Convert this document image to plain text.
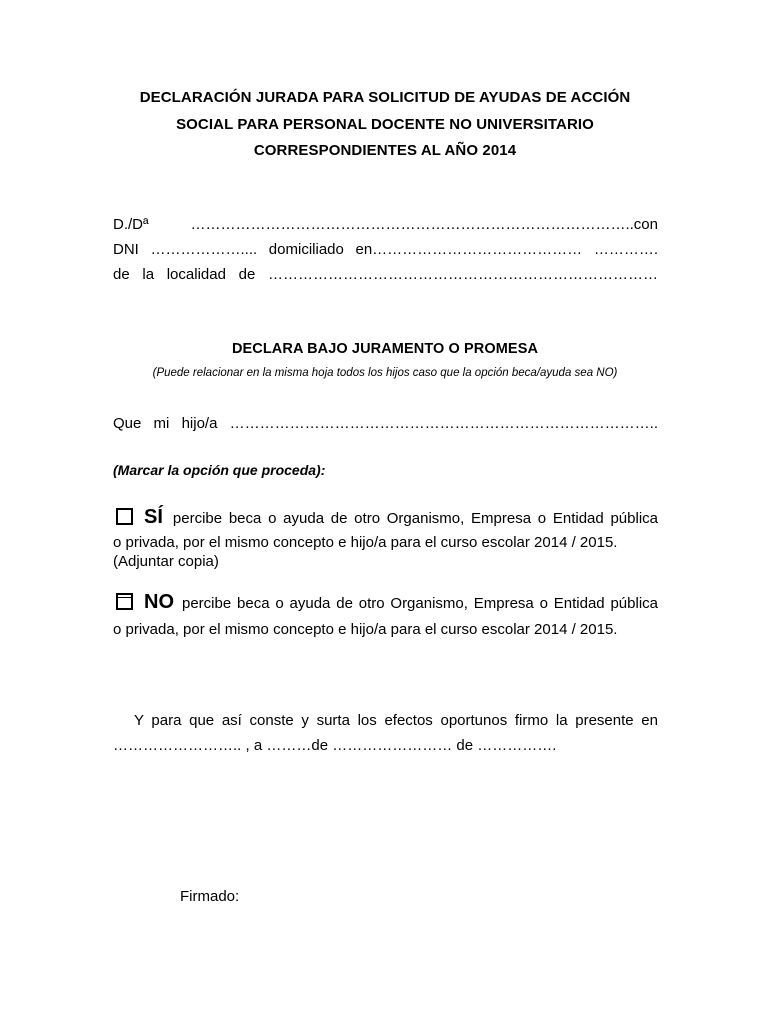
DECLARACIÓN JURADA PARA SOLICITUD DE AYUDAS DE ACCIÓN
SOCIAL PARA PERSONAL DOCENTE NO UNIVERSITARIO
CORRESPONDIENTES AL AÑO 2014
D./Dª ……………………………………………………………………………..con
DNI ……………….... domiciliado en…………………………………… ………….
de la localidad de ……………………………………………………………………
DECLARA BAJO JURAMENTO O PROMESA
(Puede relacionar en la misma hoja todos los hijos caso que la opción beca/ayuda sea NO)
Que mi hijo/a …………………………………………………………………………..
(Marcar la opción que proceda):
SÍ percibe beca o ayuda de otro Organismo, Empresa o Entidad pública
o privada, por el mismo concepto e hijo/a para el curso escolar 2014 / 2015.
(Adjuntar copia)
NO percibe beca o ayuda de otro Organismo, Empresa o Entidad pública
o privada, por el mismo concepto e hijo/a para el curso escolar 2014 / 2015.
Y para que así conste y surta los efectos oportunos firmo la presente en
…………………….. , a ………de …………………… de …………….
Firmado:
